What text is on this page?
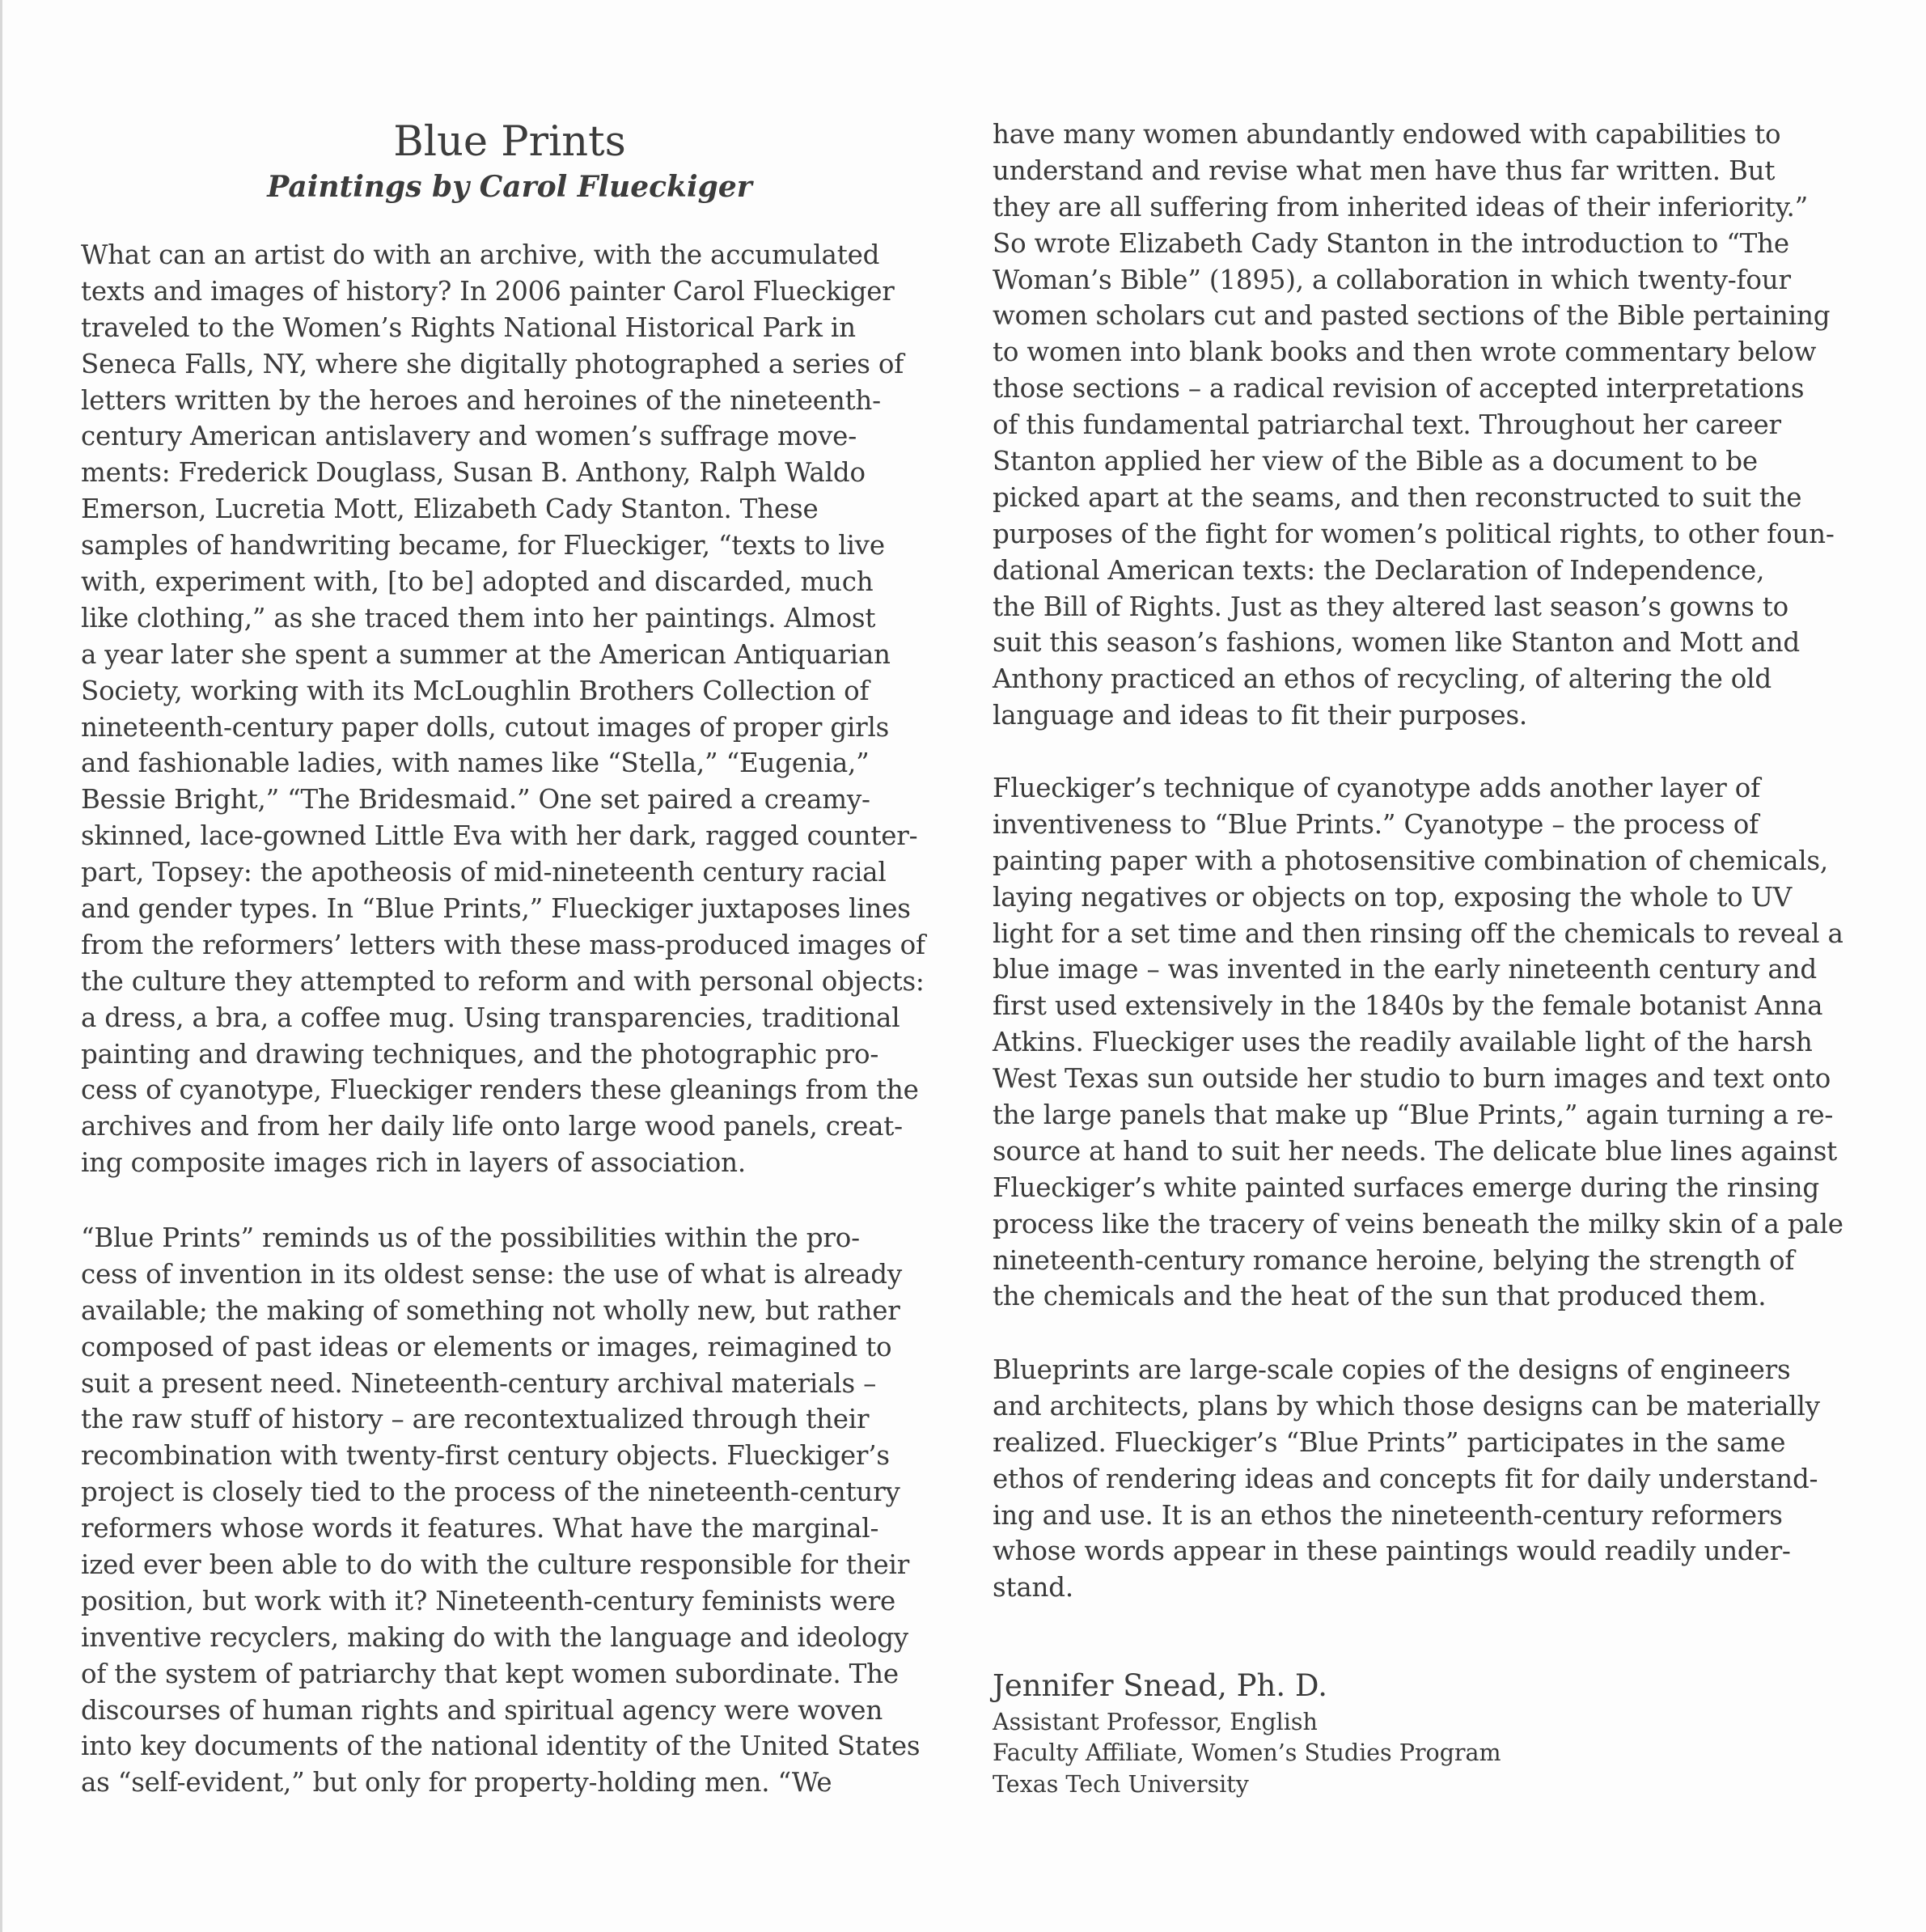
Blue Prints
Paintings by Carol Flueckiger
What can an artist do with an archive, with the accumulated
texts and images of history? In 2006 painter Carol Flueckiger
traveled to the Women’s Rights National Historical Park in
Seneca Falls, NY, where she digitally photographed a series of
letters written by the heroes and heroines of the nineteenth-
century American antislavery and women’s suffrage move-
ments: Frederick Douglass, Susan B. Anthony, Ralph Waldo
Emerson, Lucretia Mott, Elizabeth Cady Stanton. These
samples of handwriting became, for Flueckiger, “texts to live
with, experiment with, [to be] adopted and discarded, much
like clothing,” as she traced them into her paintings. Almost
a year later she spent a summer at the American Antiquarian
Society, working with its McLoughlin Brothers Collection of
nineteenth-century paper dolls, cutout images of proper girls
and fashionable ladies, with names like “Stella,” “Eugenia,”
Bessie Bright,” “The Bridesmaid.” One set paired a creamy-
skinned, lace-gowned Little Eva with her dark, ragged counter-
part, Topsey: the apotheosis of mid-nineteenth century racial
and gender types. In “Blue Prints,” Flueckiger juxtaposes lines
from the reformers’ letters with these mass-produced images of
the culture they attempted to reform and with personal objects:
a dress, a bra, a coffee mug. Using transparencies, traditional
painting and drawing techniques, and the photographic pro-
cess of cyanotype, Flueckiger renders these gleanings from the
archives and from her daily life onto large wood panels, creat-
ing composite images rich in layers of association.
“Blue Prints” reminds us of the possibilities within the pro-
cess of invention in its oldest sense: the use of what is already
available; the making of something not wholly new, but rather
composed of past ideas or elements or images, reimagined to
suit a present need. Nineteenth-century archival materials –
the raw stuff of history – are recontextualized through their
recombination with twenty-first century objects. Flueckiger’s
project is closely tied to the process of the nineteenth-century
reformers whose words it features. What have the marginal-
ized ever been able to do with the culture responsible for their
position, but work with it? Nineteenth-century feminists were
inventive recyclers, making do with the language and ideology
of the system of patriarchy that kept women subordinate. The
discourses of human rights and spiritual agency were woven
into key documents of the national identity of the United States
as “self-evident,” but only for property-holding men. “We
have many women abundantly endowed with capabilities to
understand and revise what men have thus far written. But
they are all suffering from inherited ideas of their inferiority.”
So wrote Elizabeth Cady Stanton in the introduction to “The
Woman’s Bible” (1895), a collaboration in which twenty-four
women scholars cut and pasted sections of the Bible pertaining
to women into blank books and then wrote commentary below
those sections – a radical revision of accepted interpretations
of this fundamental patriarchal text. Throughout her career
Stanton applied her view of the Bible as a document to be
picked apart at the seams, and then reconstructed to suit the
purposes of the fight for women’s political rights, to other foun-
dational American texts: the Declaration of Independence,
the Bill of Rights. Just as they altered last season’s gowns to
suit this season’s fashions, women like Stanton and Mott and
Anthony practiced an ethos of recycling, of altering the old
language and ideas to fit their purposes.
Flueckiger’s technique of cyanotype adds another layer of
inventiveness to “Blue Prints.” Cyanotype – the process of
painting paper with a photosensitive combination of chemicals,
laying negatives or objects on top, exposing the whole to UV
light for a set time and then rinsing off the chemicals to reveal a
blue image – was invented in the early nineteenth century and
first used extensively in the 1840s by the female botanist Anna
Atkins. Flueckiger uses the readily available light of the harsh
West Texas sun outside her studio to burn images and text onto
the large panels that make up “Blue Prints,” again turning a re-
source at hand to suit her needs. The delicate blue lines against
Flueckiger’s white painted surfaces emerge during the rinsing
process like the tracery of veins beneath the milky skin of a pale
nineteenth-century romance heroine, belying the strength of
the chemicals and the heat of the sun that produced them.
Blueprints are large-scale copies of the designs of engineers
and architects, plans by which those designs can be materially
realized. Flueckiger’s “Blue Prints” participates in the same
ethos of rendering ideas and concepts fit for daily understand-
ing and use. It is an ethos the nineteenth-century reformers
whose words appear in these paintings would readily under-
stand.
Jennifer Snead, Ph. D.
Assistant Professor, English
Faculty Affiliate, Women’s Studies Program
Texas Tech University
